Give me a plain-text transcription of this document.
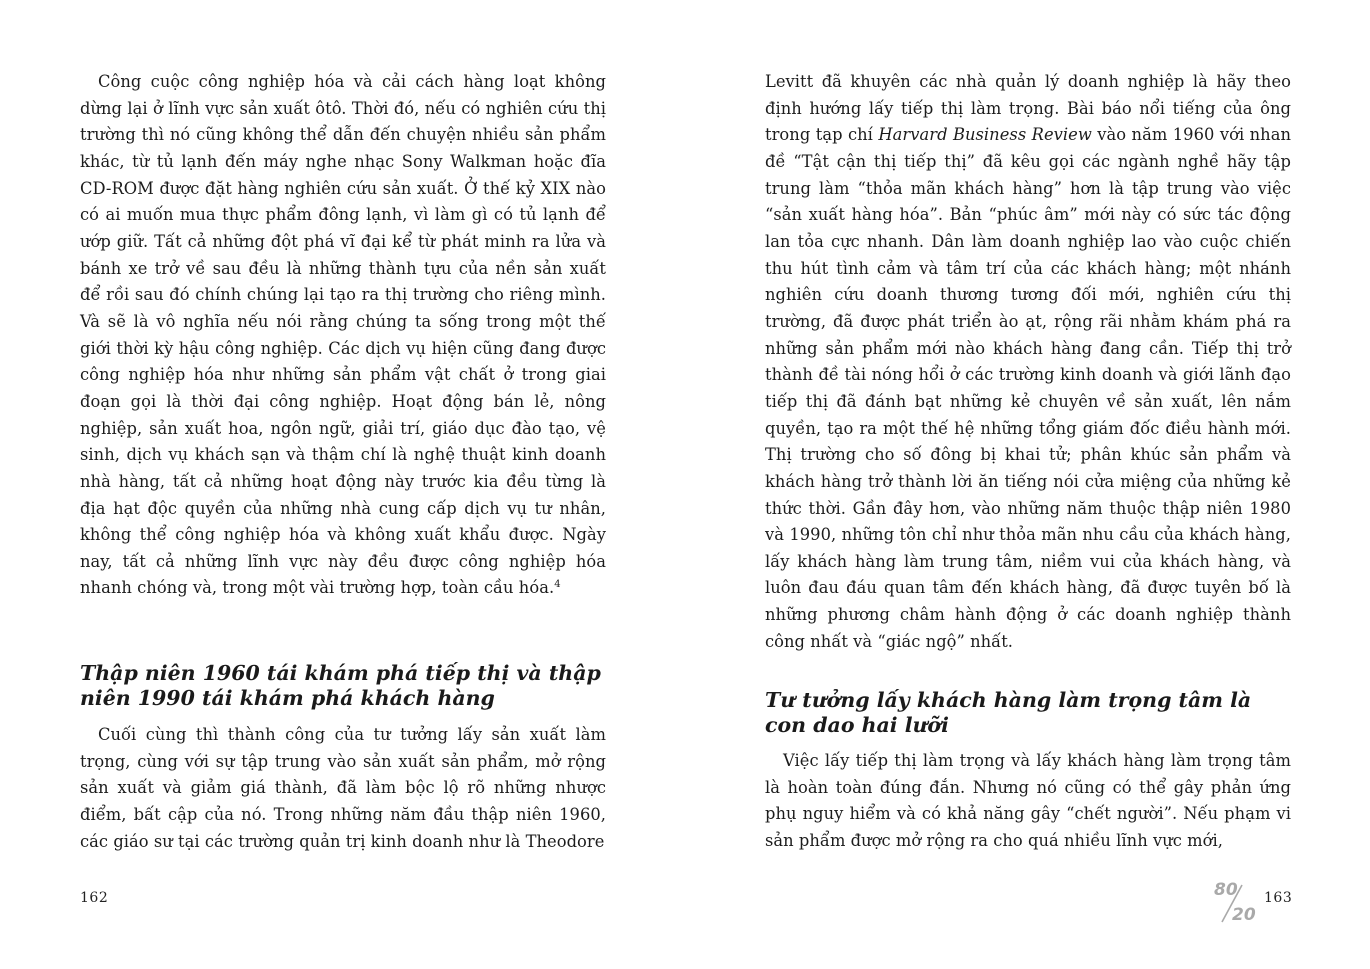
Công cuộc công nghiệp hóa và cải cách hàng loạt không dừng lại ở lĩnh vực sản xuất ôtô. Thời đó, nếu có nghiên cứu thị trường thì nó cũng không thể dẫn đến chuyện nhiều sản phẩm khác, từ tủ lạnh đến máy nghe nhạc Sony Walkman hoặc đĩa CD-ROM được đặt hàng nghiên cứu sản xuất. Ở thế kỷ XIX nào có ai muốn mua thực phẩm đông lạnh, vì làm gì có tủ lạnh để ướp giữ. Tất cả những đột phá vĩ đại kể từ phát minh ra lửa và bánh xe trở về sau đều là những thành tựu của nền sản xuất để rồi sau đó chính chúng lại tạo ra thị trường cho riêng mình. Và sẽ là vô nghĩa nếu nói rằng chúng ta sống trong một thế giới thời kỳ hậu công nghiệp. Các dịch vụ hiện cũng đang được công nghiệp hóa như những sản phẩm vật chất ở trong giai đoạn gọi là thời đại công nghiệp. Hoạt động bán lẻ, nông nghiệp, sản xuất hoa, ngôn ngữ, giải trí, giáo dục đào tạo, vệ sinh, dịch vụ khách sạn và thậm chí là nghệ thuật kinh doanh nhà hàng, tất cả những hoạt động này trước kia đều từng là địa hạt độc quyền của những nhà cung cấp dịch vụ tư nhân, không thể công nghiệp hóa và không xuất khẩu được. Ngày nay, tất cả những lĩnh vực này đều được công nghiệp hóa nhanh chóng và, trong một vài trường hợp, toàn cầu hóa.$^4$

Thập niên 1960 tái khám phá tiếp thị và thập niên 1990 tái khám phá khách hàng

Cuối cùng thì thành công của tư tưởng lấy sản xuất làm trọng, cùng với sự tập trung vào sản xuất sản phẩm, mở rộng sản xuất và giảm giá thành, đã làm bộc lộ rõ những nhược điểm, bất cập của nó. Trong những năm đầu thập niên 1960, các giáo sư tại các trường quản trị kinh doanh như là Theodore

162

Levitt đã khuyên các nhà quản lý doanh nghiệp là hãy theo định hướng lấy tiếp thị làm trọng. Bài báo nổi tiếng của ông trong tạp chí Harvard Business Review vào năm 1960 với nhan đề “Tật cận thị tiếp thị” đã kêu gọi các ngành nghề hãy tập trung làm “thỏa mãn khách hàng” hơn là tập trung vào việc “sản xuất hàng hóa”. Bản “phúc âm” mới này có sức tác động lan tỏa cực nhanh. Dân làm doanh nghiệp lao vào cuộc chiến thu hút tình cảm và tâm trí của các khách hàng; một nhánh nghiên cứu doanh thương tương đối mới, nghiên cứu thị trường, đã được phát triển ào ạt, rộng rãi nhằm khám phá ra những sản phẩm mới nào khách hàng đang cần. Tiếp thị trở thành đề tài nóng hổi ở các trường kinh doanh và giới lãnh đạo tiếp thị đã đánh bạt những kẻ chuyên về sản xuất, lên nắm quyền, tạo ra một thế hệ những tổng giám đốc điều hành mới. Thị trường cho số đông bị khai tử; phân khúc sản phẩm và khách hàng trở thành lời ăn tiếng nói cửa miệng của những kẻ thức thời. Gần đây hơn, vào những năm thuộc thập niên 1980 và 1990, những tôn chỉ như thỏa mãn nhu cầu của khách hàng, lấy khách hàng làm trung tâm, niềm vui của khách hàng, và luôn đau đáu quan tâm đến khách hàng, đã được tuyên bố là những phương châm hành động ở các doanh nghiệp thành công nhất và “giác ngộ” nhất.

Tư tưởng lấy khách hàng làm trọng tâm là con dao hai lưỡi

Việc lấy tiếp thị làm trọng và lấy khách hàng làm trọng tâm là hoàn toàn đúng đắn. Nhưng nó cũng có thể gây phản ứng phụ nguy hiểm và có khả năng gây “chết người”. Nếu phạm vi sản phẩm được mở rộng ra cho quá nhiều lĩnh vực mới,

80
20
163
